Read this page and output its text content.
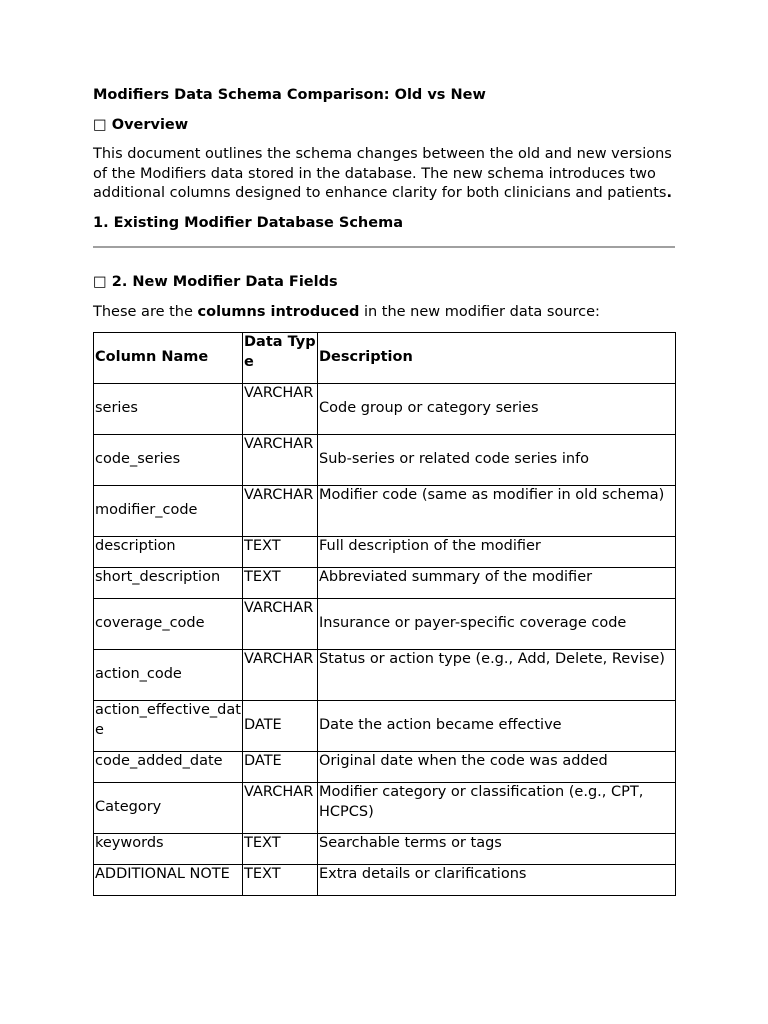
Modifiers Data Schema Comparison: Old vs New
□ Overview
This document outlines the schema changes between the old and new versions of the Modifiers data stored in the database. The new schema introduces two additional columns designed to enhance clarity for both clinicians and patients.
1. Existing Modifier Database Schema
□ 2. New Modifier Data Fields
These are the columns introduced in the new modifier data source:
Column Name	Data Type	Description
series	VARCHAR	Code group or category series
code_series	VARCHAR	Sub-series or related code series info
modifier_code	VARCHAR	Modifier code (same as modifier in old schema)
description	TEXT	Full description of the modifier
short_description	TEXT	Abbreviated summary of the modifier
coverage_code	VARCHAR	Insurance or payer-specific coverage code
action_code	VARCHAR	Status or action type (e.g., Add, Delete, Revise)
action_effective_date	DATE	Date the action became effective
code_added_date	DATE	Original date when the code was added
Category	VARCHAR	Modifier category or classification (e.g., CPT, HCPCS)
keywords	TEXT	Searchable terms or tags
ADDITIONAL NOTE	TEXT	Extra details or clarifications
